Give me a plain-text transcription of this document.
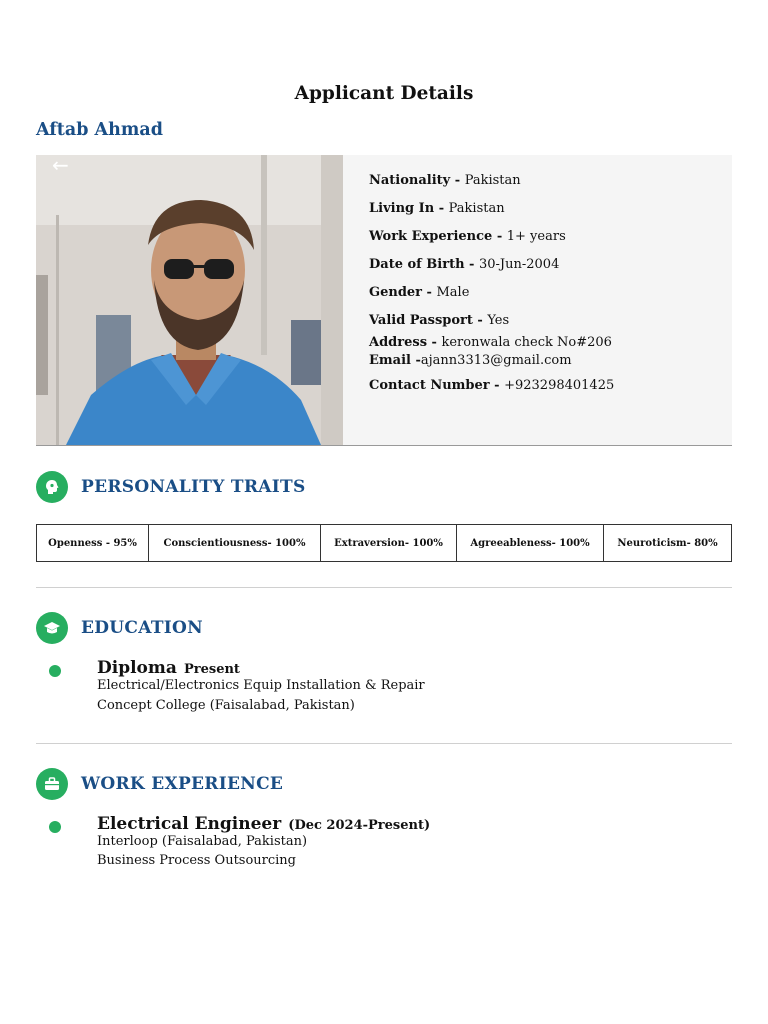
Applicant Details
Aftab Ahmad
←
Nationality - Pakistan
Living In - Pakistan
Work Experience - 1+ years
Date of Birth - 30-Jun-2004
Gender - Male
Valid Passport - Yes
Address - keronwala check No#206
Email -ajann3313@gmail.com
Contact Number - +923298401425
PERSONALITY TRAITS
Openness - 95%	Conscientiousness- 100%	Extraversion- 100%	Agreeableness- 100%	Neuroticism- 80%
EDUCATION
Diploma Present
Electrical/Electronics Equip Installation & Repair
Concept College (Faisalabad, Pakistan)
WORK EXPERIENCE
Electrical Engineer (Dec 2024-Present)
Interloop (Faisalabad, Pakistan)
Business Process Outsourcing
